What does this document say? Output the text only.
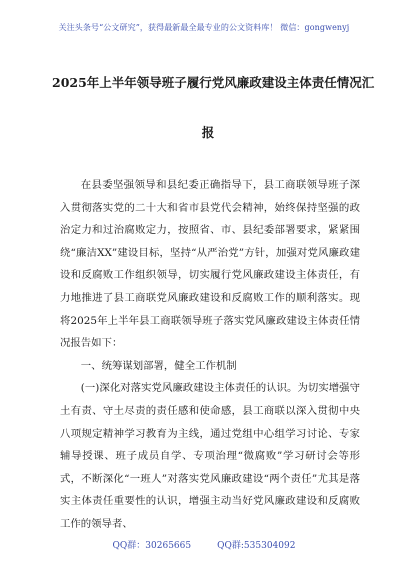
关注头条号“公文研究”，获得最新最全最专业的公文资料库！ 微信：gongwenyj
2025年上半年领导班子履行党风廉政建设主体责任情况汇
报

在县委坚强领导和县纪委正确指导下，县工商联领导班子深入贯彻落实党的二十大和省市县党代会精神，始终保持坚强的政治定力和过治腐败定力，按照省、市、县纪委部署要求，紧紧围绕“廉洁XX”建设目标，坚持“从严治党”方针，加强对党风廉政建设和反腐败工作组织领导，切实履行党风廉政建设主体责任，有力地推进了县工商联党风廉政建设和反腐败工作的顺利落实。现将2025年上半年县工商联领导班子落实党风廉政建设主体责任情况报告如下：

一、统筹谋划部署，健全工作机制

(一)深化对落实党风廉政建设主体责任的认识。为切实增强守土有责、守土尽责的责任感和使命感，县工商联以深入贯彻中央八项规定精神学习教育为主线，通过党组中心组学习讨论、专家辅导授课、班子成员自学、专项治理“微腐败”学习研讨会等形式，不断深化“一班人”对落实党风廉政建设“两个责任”尤其是落实主体责任重要性的认识，增强主动当好党风廉政建设和反腐败工作的领导者、

QQ群：30265665	QQ群:535304092
